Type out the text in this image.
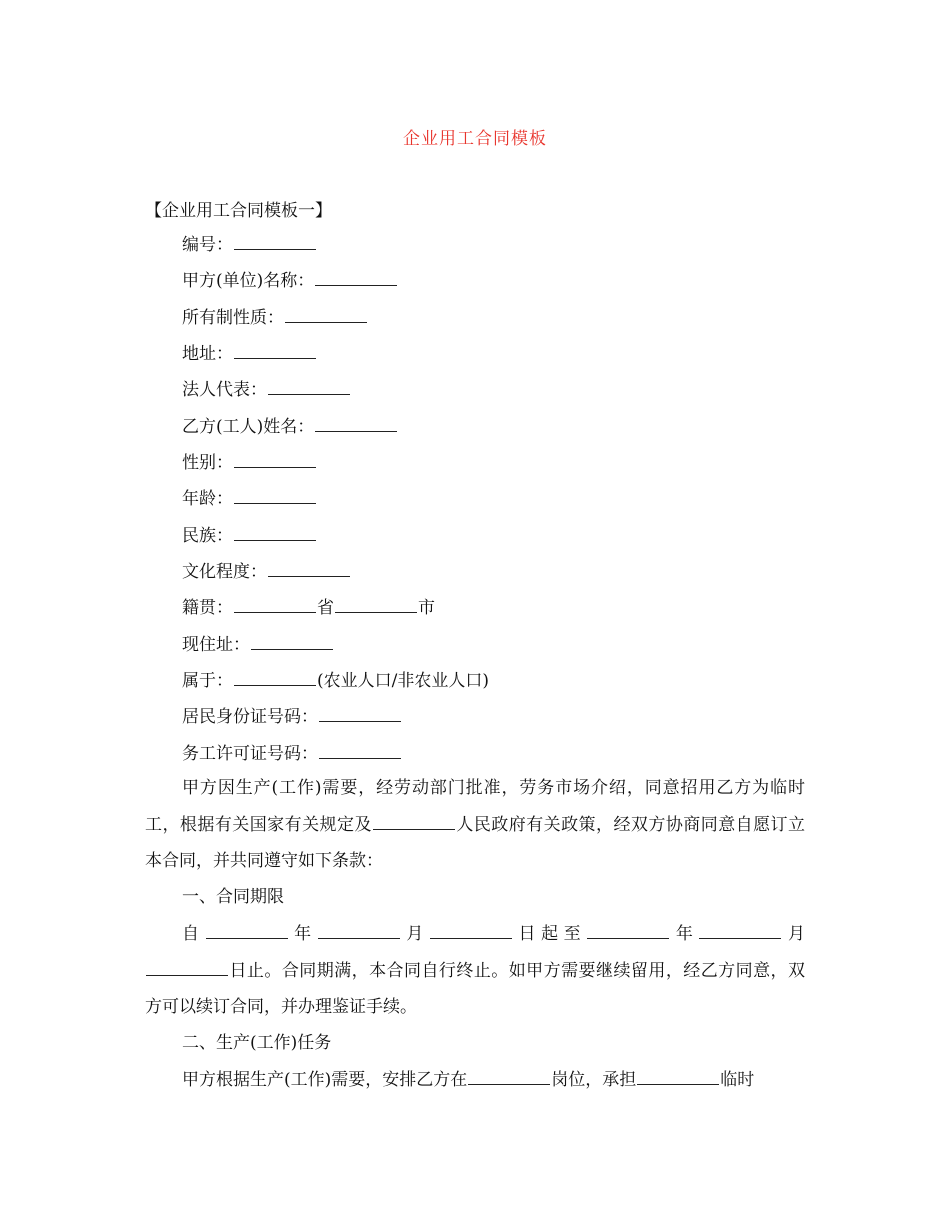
企业用工合同模板
【企业用工合同模板一】
编号：
甲方(单位)名称：
所有制性质：
地址：
法人代表：
乙方(工人)姓名：
性别：
年龄：
民族：
文化程度：
籍贯：	省	市
现住址：
属于：	(农业人口/非农业人口)
居民身份证号码：
务工许可证号码：
甲方因生产(工作)需要，经劳动部门批准，劳务市场介绍，同意招用乙方为临时工，根据有关国家有关规定及	人民政府有关政策，经双方协商同意自愿订立本合同，并共同遵守如下条款：
一、合同期限
自	年	月	日起至	年	月日止。合同期满，本合同自行终止。如甲方需要继续留用，经乙方同意，双方可以续订合同，并办理鉴证手续。
二、生产(工作)任务
甲方根据生产(工作)需要，安排乙方在	岗位，承担	临时
